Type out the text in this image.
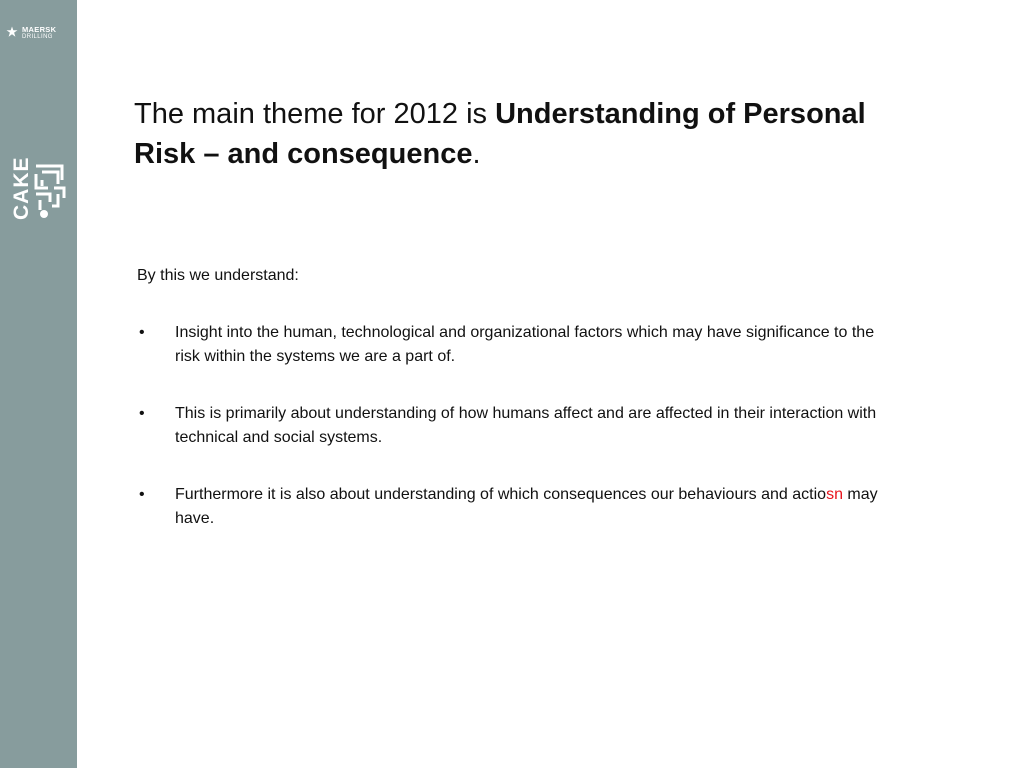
MAERSK
DRILLING
CAKE
The main theme for 2012 is Understanding of Personal Risk – and consequence.

By this we understand:

• Insight into the human, technological and organizational factors which may have significance to the risk within the systems we are a part of.
• This is primarily about understanding of how humans affect and are affected in their interaction with technical and social systems.
• Furthermore it is also about understanding of which consequences our behaviours and actiosn may have.
